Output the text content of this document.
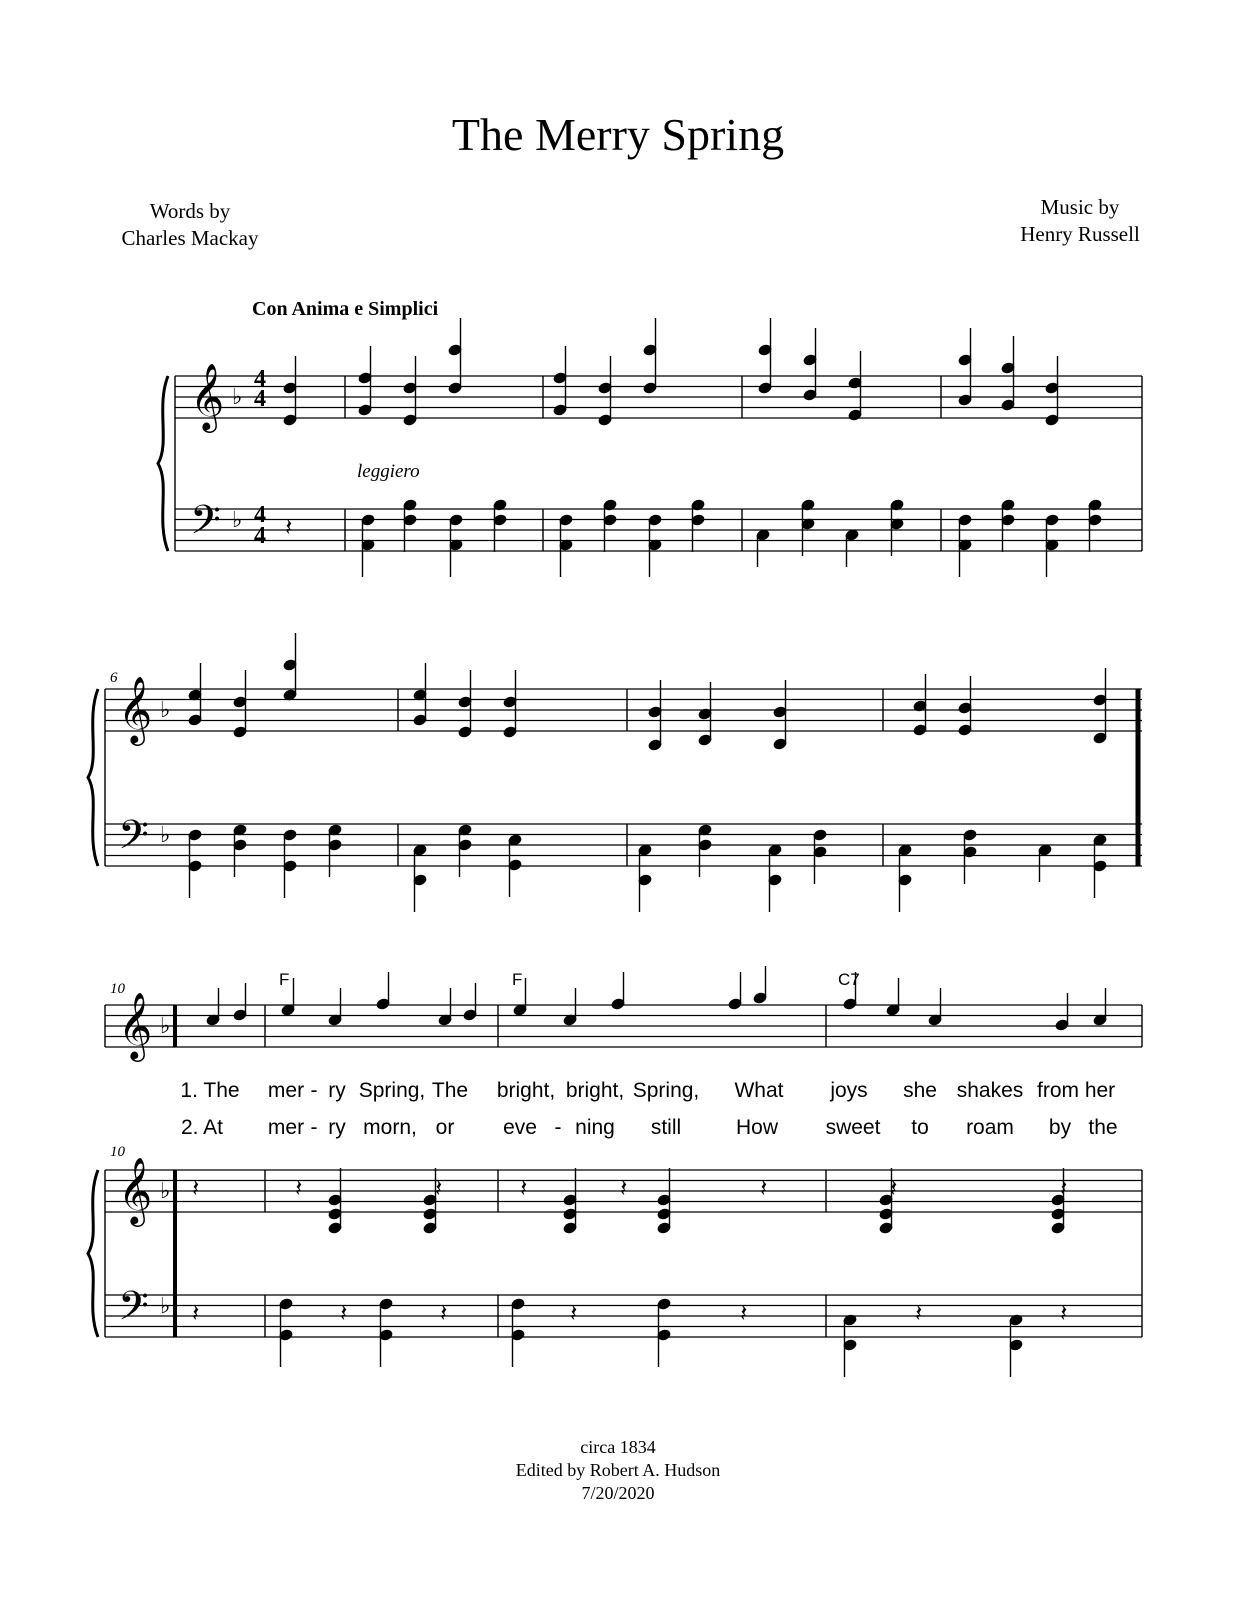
The Merry Spring
Words by
Charles Mackay
Music by
Henry Russell
Con Anima e Simplici
𝄞
𝄢
♭
♭
𝄞
𝄢
♭
♭
𝄞
𝄞
𝄢
♭
♭
♭
𝄽
𝄽	𝄽	𝄽	𝄽	𝄽	𝄽	𝄽	𝄽
𝄽	𝄽	𝄽	𝄽	𝄽	𝄽	𝄽
leggiero
4
4
4
4
6
10
10
F	F	C7
1. The mer - ry Spring, The bright, bright, Spring, What joys she shakes from her
2. At mer - ry morn, or eve - ning still	How sweet to roam by the
circa 1834
Edited by Robert A. Hudson
7/20/2020
